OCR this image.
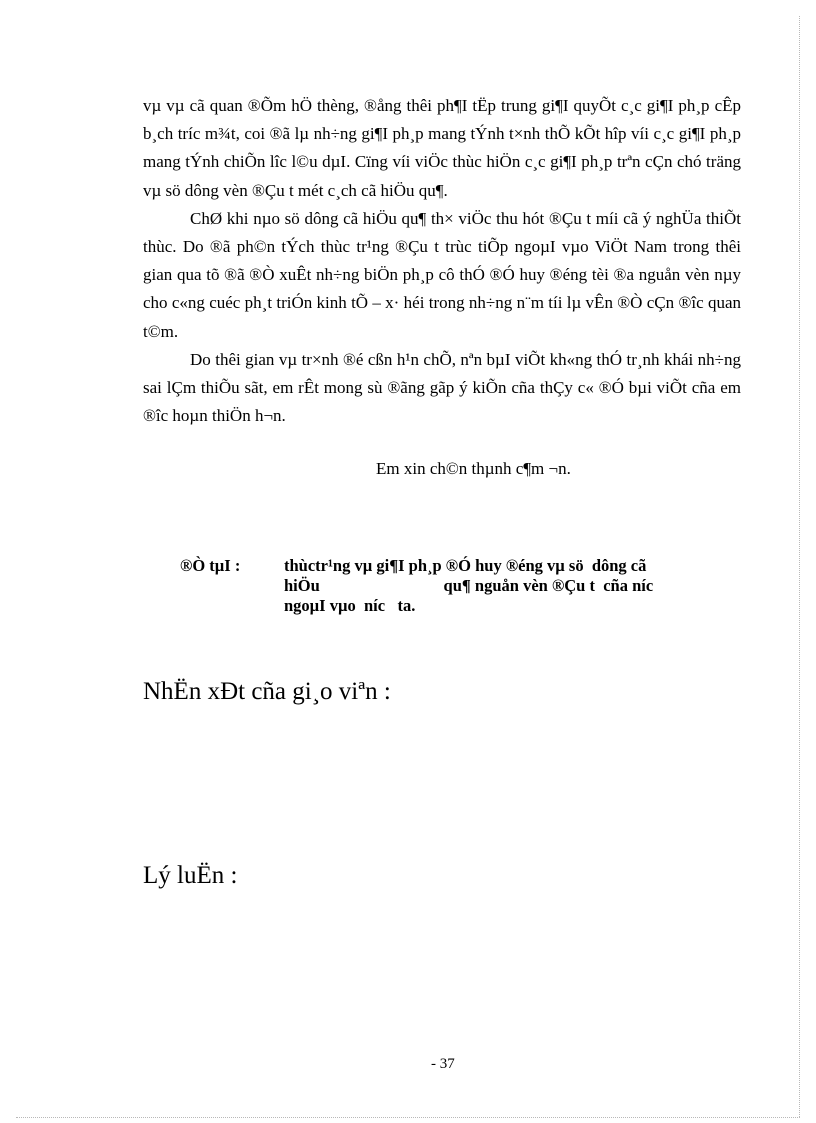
vµ vµ cã quan ®Õm hÖ thèng, ®ång thêi ph¶I tËp trung gi¶I quyÕt c¸c gi¶I ph¸p cÊp b¸ch tríc m¾t, coi ®ã lµ nh÷ng gi¶I ph¸p mang tÝnh t×nh thÕ kÕt hîp víi c¸c gi¶I ph¸p mang tÝnh chiÕn lîc l©u dµI. Cïng víi viÖc thùc hiÖn c¸c gi¶I ph¸p trªn cÇn chó träng vµ sö dông vèn ®Çu t mét c¸ch cã hiÖu qu¶.

ChØ khi nµo sö dông cã hiÖu qu¶ th× viÖc thu hót ®Çu t míi cã ý nghÜa thiÕt thùc. Do ®ã ph©n tÝch thùc tr¹ng ®Çu t trùc tiÕp ngoµI vµo ViÖt Nam trong thêi gian qua tõ ®ã ®Ò xuÊt nh÷ng biÖn ph¸p cô thÓ ®Ó huy ®éng tèi ®a nguån vèn nµy cho c«ng cuéc ph¸t triÓn kinh tÕ – x· héi trong nh÷ng n¨m tíi lµ vÊn ®Ò cÇn ®îc quan t©m.

Do thêi gian vµ tr×nh ®é cßn h¹n chÕ, nªn bµI viÕt kh«ng thÓ tr¸nh khái nh÷ng sai lÇm thiÕu sãt, em rÊt mong sù ®ãng gãp ý kiÕn cña thÇy c« ®Ó bµi viÕt cña em ®îc hoµn thiÖn h¬n.

Em xin ch©n thµnh c¶m ¬n.
®Ò tµI :	thùctr¹ng vµ gi¶I ph¸p ®Ó huy ®éng vµ sö  dông cã
hiÖu                              qu¶ nguån vèn ®Çu t  cña níc
ngoµI vµo  níc   ta.
NhËn xÐt cña gi¸o viªn :
Lý luËn :
- 37
